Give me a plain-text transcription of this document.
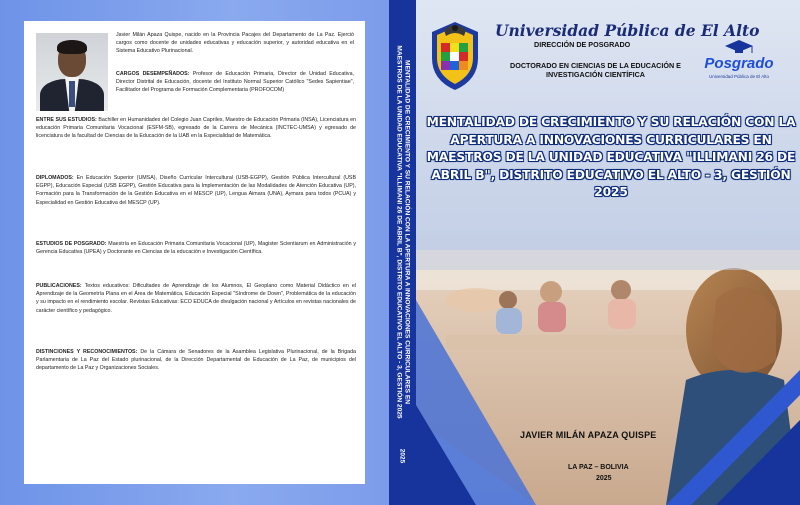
Javier Milán Apaza Quispe, nacido en la Provincia Pacajes del Departamento de La Paz. Ejerció cargos como docente de unidades educativas y educación superior, y autoridad educativa en el Sistema Educativo Plurinacional.
CARGOS DESEMPEÑADOS: Profesor de Educación Primaria, Director de Unidad Educativa, Director Distrital de Educación, docente del Instituto Normal Superior Católico "Sedes Sapientiae", Facilitador del Programa de Formación Complementaria (PROFOCOM)
ENTRE SUS ESTUDIOS: Bachiller en Humanidades del Colegio Juan Capriles, Maestro de Educación Primaria (INSA), Licenciatura en educación Primaria Comunitaria Vocacional (ESFM-SB), egresado de la Carrera de Mecánica (INCTEC-UMSA) y egresado de licenciatura de la facultad de Ciencias de la Educación de la UAB en la Especialidad de Matemática.
DIPLOMADOS: En Educación Superior (UMSA), Diseño Curricular Intercultural (USB-EGPP), Gestión Pública Intercultural (USB EGPP), Educación Especial (USB EGPP), Gestión Educativa para la Implementación de las Modalidades de Atención Educativa (UP), Formación para la Transformación de la Gestión Educativa en el MESCP (UP), Lengua Aimara (UNA), Aymara para todos (PCUA) y Especialidad en Gestión Educativa del MESCP (UP).
ESTUDIOS DE POSGRADO: Maestría en Educación Primaria Comunitaria Vocacional (UP), Magister Scientiarum en Administración y Gerencia Educativa (UPEA) y Doctorante en Ciencias de la educación e Investigación Científica.
PUBLICACIONES: Textos educativos: Dificultades de Aprendizaje de los Alumnos, El Geoplano como Material Didáctico en el Aprendizaje de la Geometría Plana en el Área de Matemática, Educación Especial "Síndrome de Down", Problemática de la educación y su impacto en el rendimiento escolar. Revistas Educativas: ECO EDUCA de divulgación nacional y Artículos en revistas nacionales de carácter científico y pedagógico.
DISTINCIONES Y RECONOCIMIENTOS: De la Cámara de Senadores de la Asamblea Legislativa Plurinacional, de la Brigada Parlamentaria de La Paz del Estado plurinacional, de la Dirección Departamental de Educación de La Paz, de municipios del departamento de La Paz y Organizaciones Sociales.	MENTALIDAD DE CRECIMIENTO Y SU RELACIÓN CON LA APERTURA A INNOVACIONES CURRICULARES EN
MAESTROS DE LA UNIDAD EDUCATIVA "ILLIMANI 26 DE ABRIL B", DISTRITO EDUCATIVO EL ALTO - 3, GESTIÓN 2025
2025
Universidad Pública de El Alto
DIRECCIÓN DE POSGRADO
DOCTORADO EN CIENCIAS DE LA EDUCACIÓN E INVESTIGACIÓN CIENTÍFICA
Posgrado
Universidad Pública de El Alto
MENTALIDAD DE CRECIMIENTO Y SU RELACIÓN CON LA APERTURA A INNOVACIONES CURRICULARES EN MAESTROS DE LA UNIDAD EDUCATIVA "ILLIMANI 26 DE ABRIL B", DISTRITO EDUCATIVO EL ALTO - 3, GESTIÓN 2025
JAVIER MILÁN APAZA QUISPE
LA PAZ – BOLIVIA
2025
